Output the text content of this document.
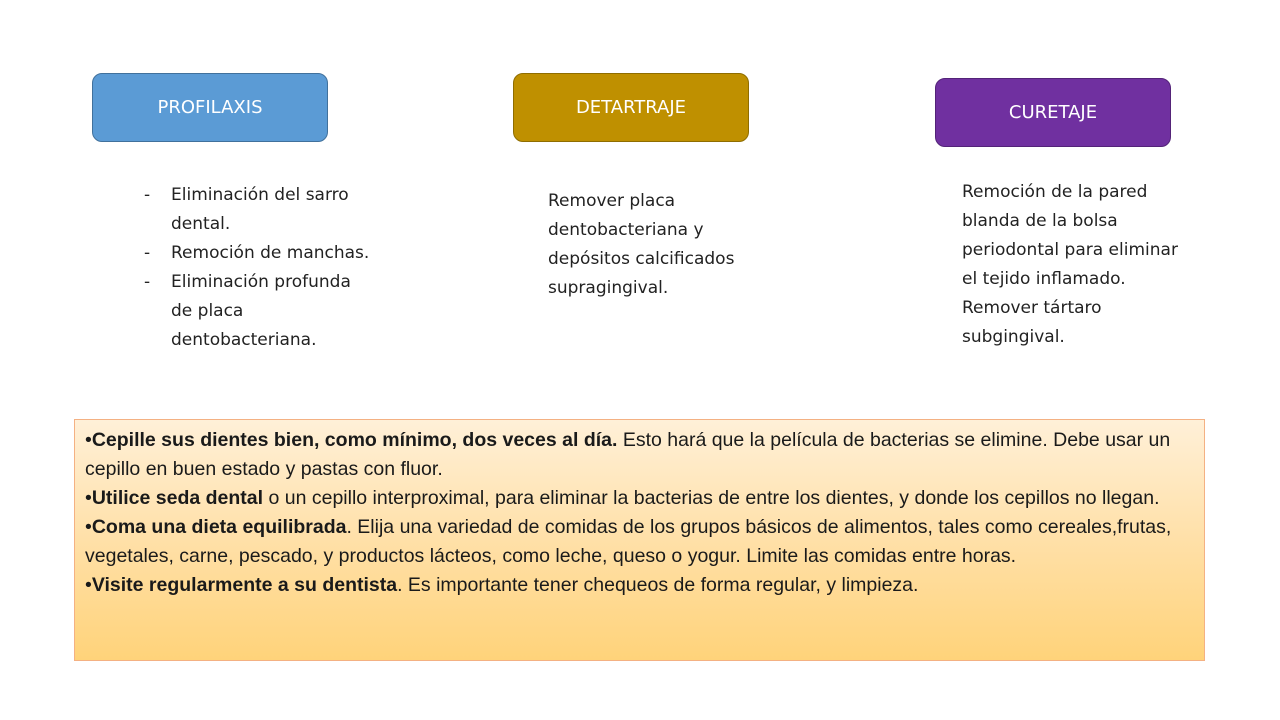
PROFILAXIS	DETARTRAJE	CURETAJE
- Eliminación del sarro dental.
- Remoción de manchas.
- Eliminación profunda de placa dentobacteriana.
Remover placa dentobacteriana y depósitos calcificados supragingival.
Remoción de la pared blanda de la bolsa periodontal para eliminar el tejido inflamado. Remover tártaro subgingival.
•Cepille sus dientes bien, como mínimo, dos veces al día. Esto hará que la película de bacterias se elimine. Debe usar un cepillo en buen estado y pastas con fluor.
•Utilice seda dental o un cepillo interproximal, para eliminar la bacterias de entre los dientes, y donde los cepillos no llegan.
•Coma una dieta equilibrada. Elija una variedad de comidas de los grupos básicos de alimentos, tales como cereales,frutas, vegetales, carne, pescado, y productos lácteos, como leche, queso o yogur. Limite las comidas entre horas.
•Visite regularmente a su dentista. Es importante tener chequeos de forma regular, y limpieza.
